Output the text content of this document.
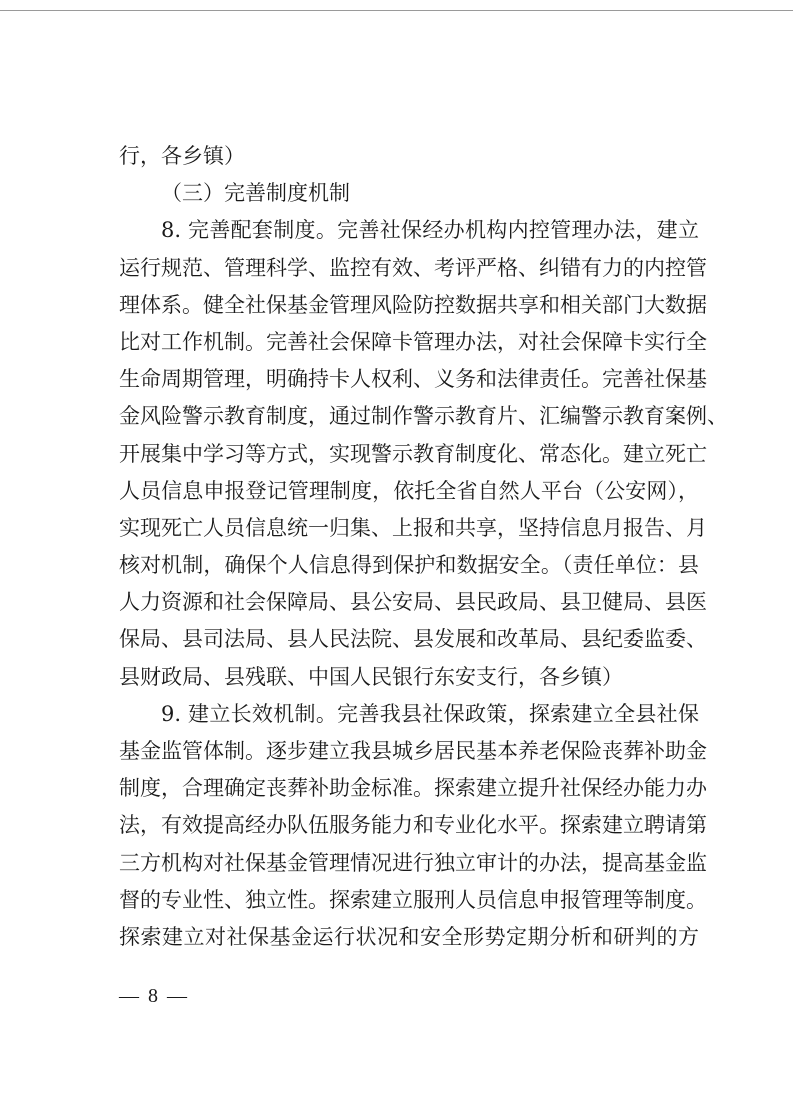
行，各乡镇）
（三）完善制度机制
8. 完善配套制度。完善社保经办机构内控管理办法，建立
运行规范、管理科学、监控有效、考评严格、纠错有力的内控管
理体系。健全社保基金管理风险防控数据共享和相关部门大数据
比对工作机制。完善社会保障卡管理办法，对社会保障卡实行全
生命周期管理，明确持卡人权利、义务和法律责任。完善社保基
金风险警示教育制度，通过制作警示教育片、汇编警示教育案例、
开展集中学习等方式，实现警示教育制度化、常态化。建立死亡
人员信息申报登记管理制度，依托全省自然人平台（公安网），
实现死亡人员信息统一归集、上报和共享，坚持信息月报告、月
核对机制，确保个人信息得到保护和数据安全。（责任单位：县
人力资源和社会保障局、县公安局、县民政局、县卫健局、县医
保局、县司法局、县人民法院、县发展和改革局、县纪委监委、
县财政局、县残联、中国人民银行东安支行，各乡镇）
9. 建立长效机制。完善我县社保政策，探索建立全县社保
基金监管体制。逐步建立我县城乡居民基本养老保险丧葬补助金
制度，合理确定丧葬补助金标准。探索建立提升社保经办能力办
法，有效提高经办队伍服务能力和专业化水平。探索建立聘请第
三方机构对社保基金管理情况进行独立审计的办法，提高基金监
督的专业性、独立性。探索建立服刑人员信息申报管理等制度。
探索建立对社保基金运行状况和安全形势定期分析和研判的方
— 8 —
